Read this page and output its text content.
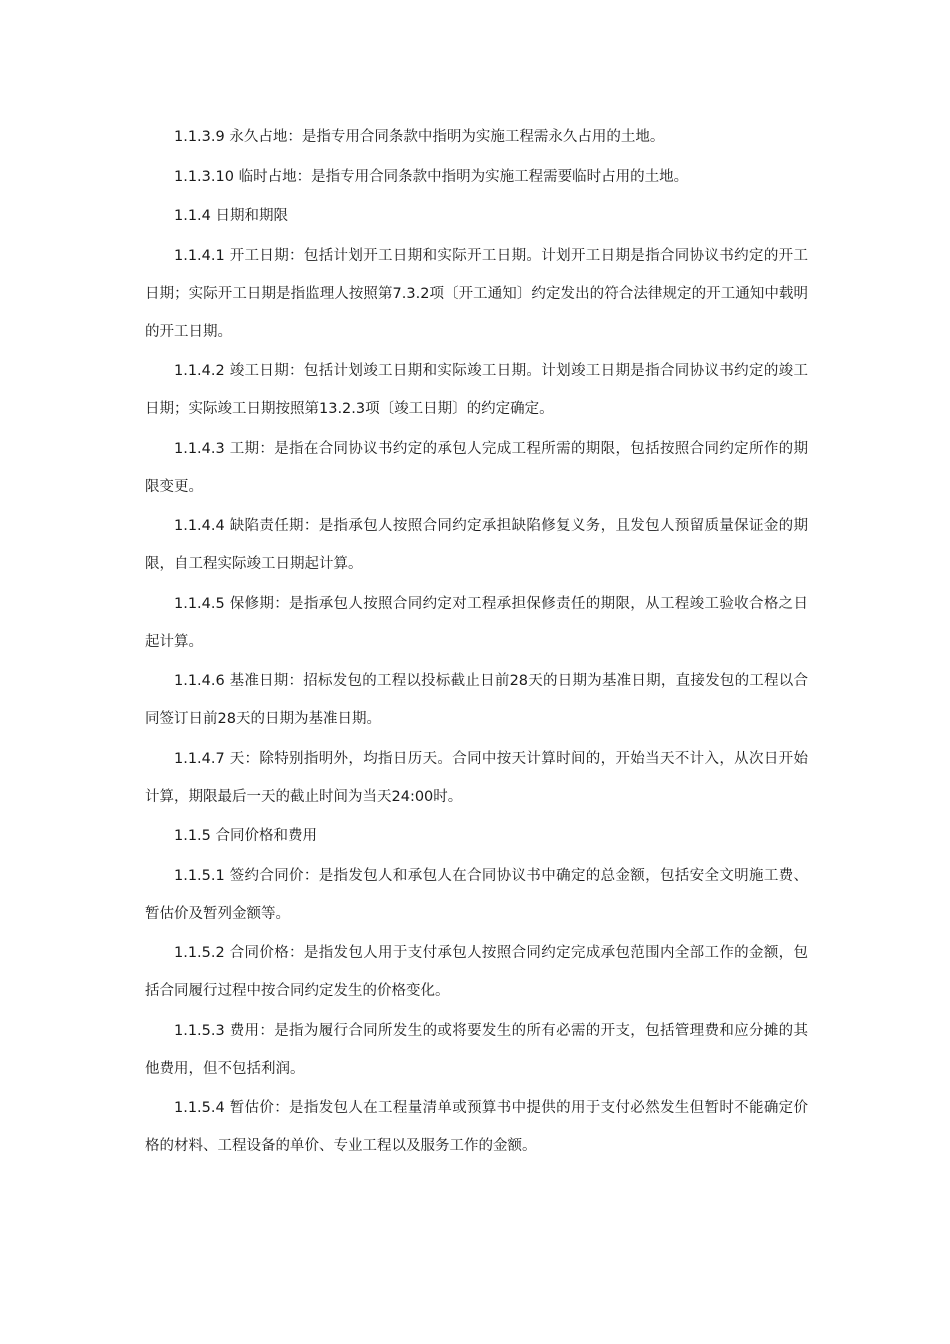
1.1.3.9 永久占地：是指专用合同条款中指明为实施工程需永久占用的土地。

1.1.3.10 临时占地：是指专用合同条款中指明为实施工程需要临时占用的土地。

1.1.4 日期和期限

1.1.4.1 开工日期：包括计划开工日期和实际开工日期。计划开工日期是指合同协议书约定的开工日期；实际开工日期是指监理人按照第7.3.2项〔开工通知〕约定发出的符合法律规定的开工通知中载明的开工日期。

1.1.4.2 竣工日期：包括计划竣工日期和实际竣工日期。计划竣工日期是指合同协议书约定的竣工日期；实际竣工日期按照第13.2.3项〔竣工日期〕的约定确定。

1.1.4.3 工期：是指在合同协议书约定的承包人完成工程所需的期限，包括按照合同约定所作的期限变更。

1.1.4.4 缺陷责任期：是指承包人按照合同约定承担缺陷修复义务，且发包人预留质量保证金的期限，自工程实际竣工日期起计算。

1.1.4.5 保修期：是指承包人按照合同约定对工程承担保修责任的期限，从工程竣工验收合格之日起计算。

1.1.4.6 基准日期：招标发包的工程以投标截止日前28天的日期为基准日期，直接发包的工程以合同签订日前28天的日期为基准日期。

1.1.4.7 天：除特别指明外，均指日历天。合同中按天计算时间的，开始当天不计入，从次日开始计算，期限最后一天的截止时间为当天24:00时。

1.1.5 合同价格和费用

1.1.5.1 签约合同价：是指发包人和承包人在合同协议书中确定的总金额，包括安全文明施工费、暂估价及暂列金额等。

1.1.5.2 合同价格：是指发包人用于支付承包人按照合同约定完成承包范围内全部工作的金额，包括合同履行过程中按合同约定发生的价格变化。

1.1.5.3 费用：是指为履行合同所发生的或将要发生的所有必需的开支，包括管理费和应分摊的其他费用，但不包括利润。

1.1.5.4 暂估价：是指发包人在工程量清单或预算书中提供的用于支付必然发生但暂时不能确定价格的材料、工程设备的单价、专业工程以及服务工作的金额。
